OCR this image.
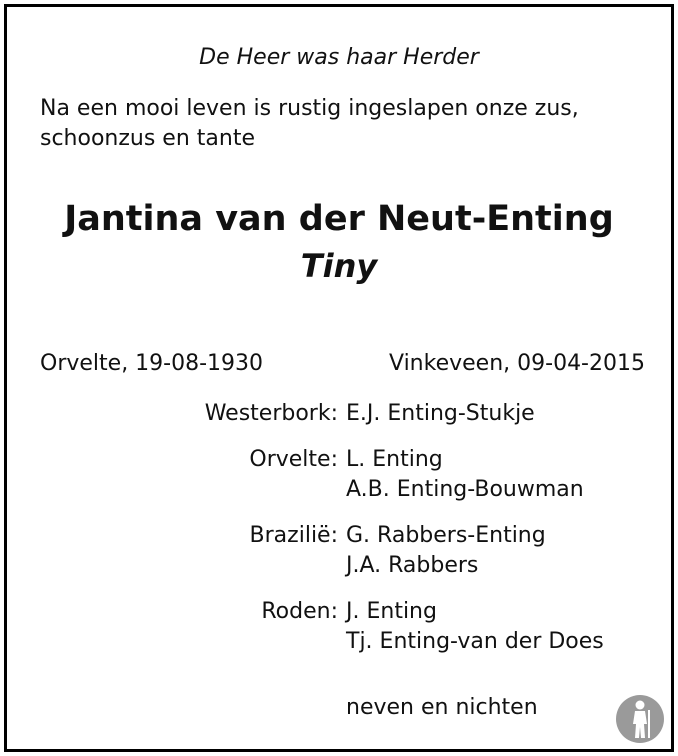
De Heer was haar Herder
Na een mooi leven is rustig ingeslapen onze zus,
schoonzus en tante
Jantina van der Neut-Enting
Tiny
Orvelte, 19-08-1930	Vinkeveen, 09-04-2015
Westerbork: E.J. Enting-Stukje
Orvelte: L. Enting
A.B. Enting-Bouwman
Brazilië: G. Rabbers-Enting
J.A. Rabbers
Roden: J. Enting
Tj. Enting-van der Does
neven en nichten
